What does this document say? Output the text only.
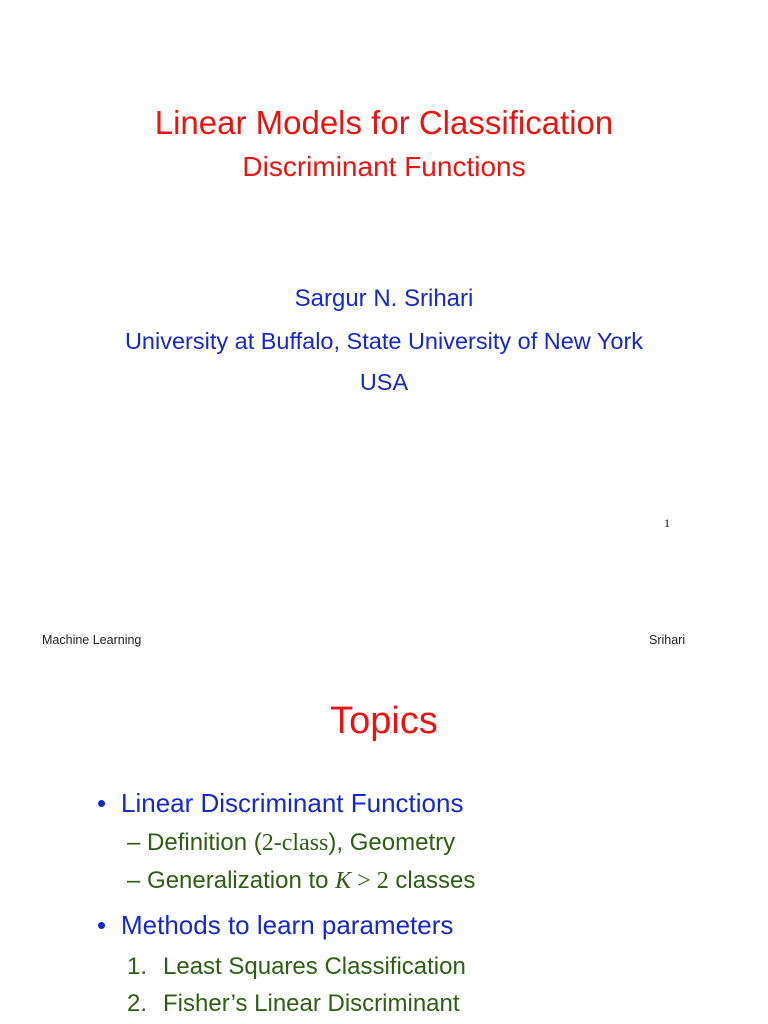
Linear Models for Classification
Discriminant Functions
Sargur N. Srihari
University at Buffalo, State University of New York
USA
1
Machine Learning	Srihari
Topics
• Linear Discriminant Functions
– Definition (2-class), Geometry
– Generalization to K > 2 classes
• Methods to learn parameters
1. Least Squares Classification
2. Fisher’s Linear Discriminant
